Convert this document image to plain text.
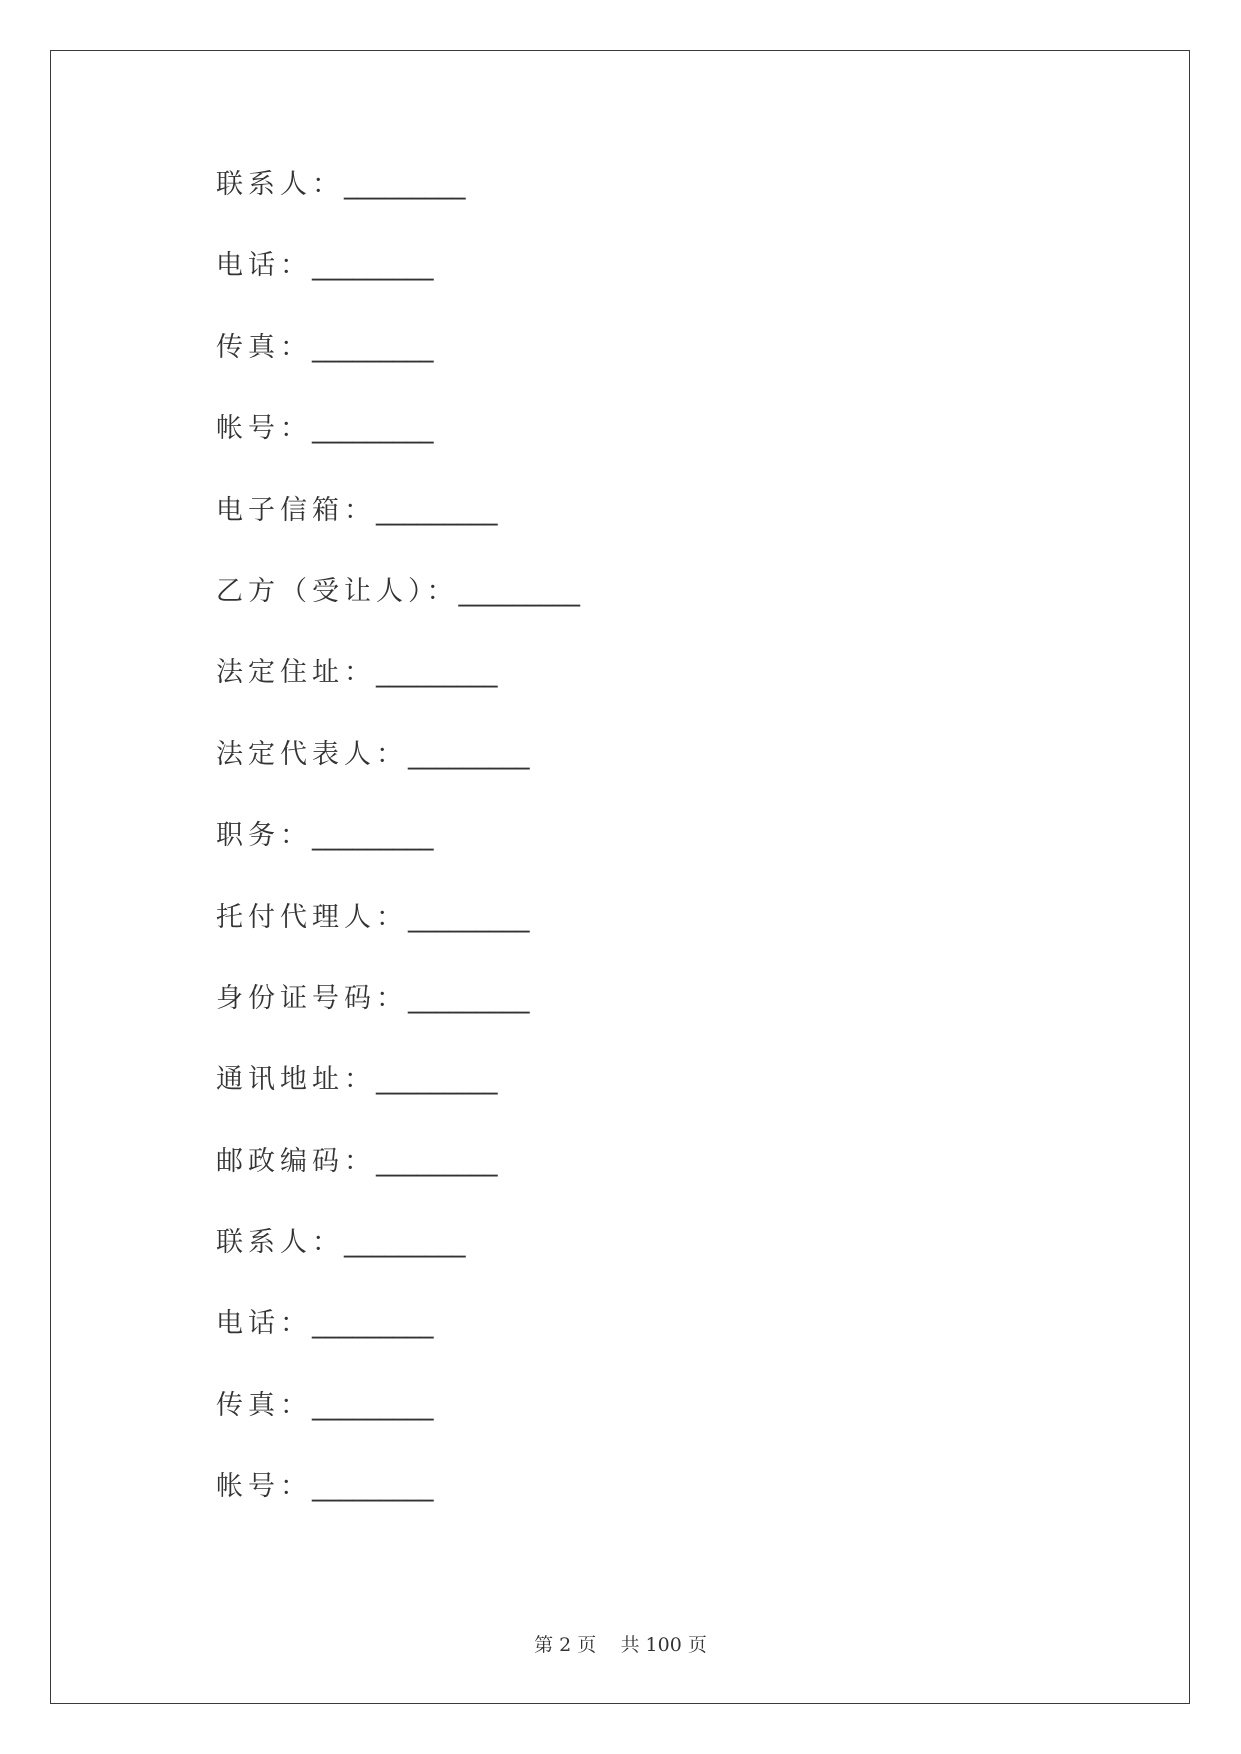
联系人： _________
电话： _________
传真： _________
帐号： _________
电子信箱： _________
乙方（受让人）： _________
法定住址： _________
法定代表人： _________
职务： _________
托付代理人： _________
身份证号码： _________
通讯地址： _________
邮政编码： _________
联系人： _________
电话： _________
传真： _________
帐号： _________
第 2 页 共 100 页
